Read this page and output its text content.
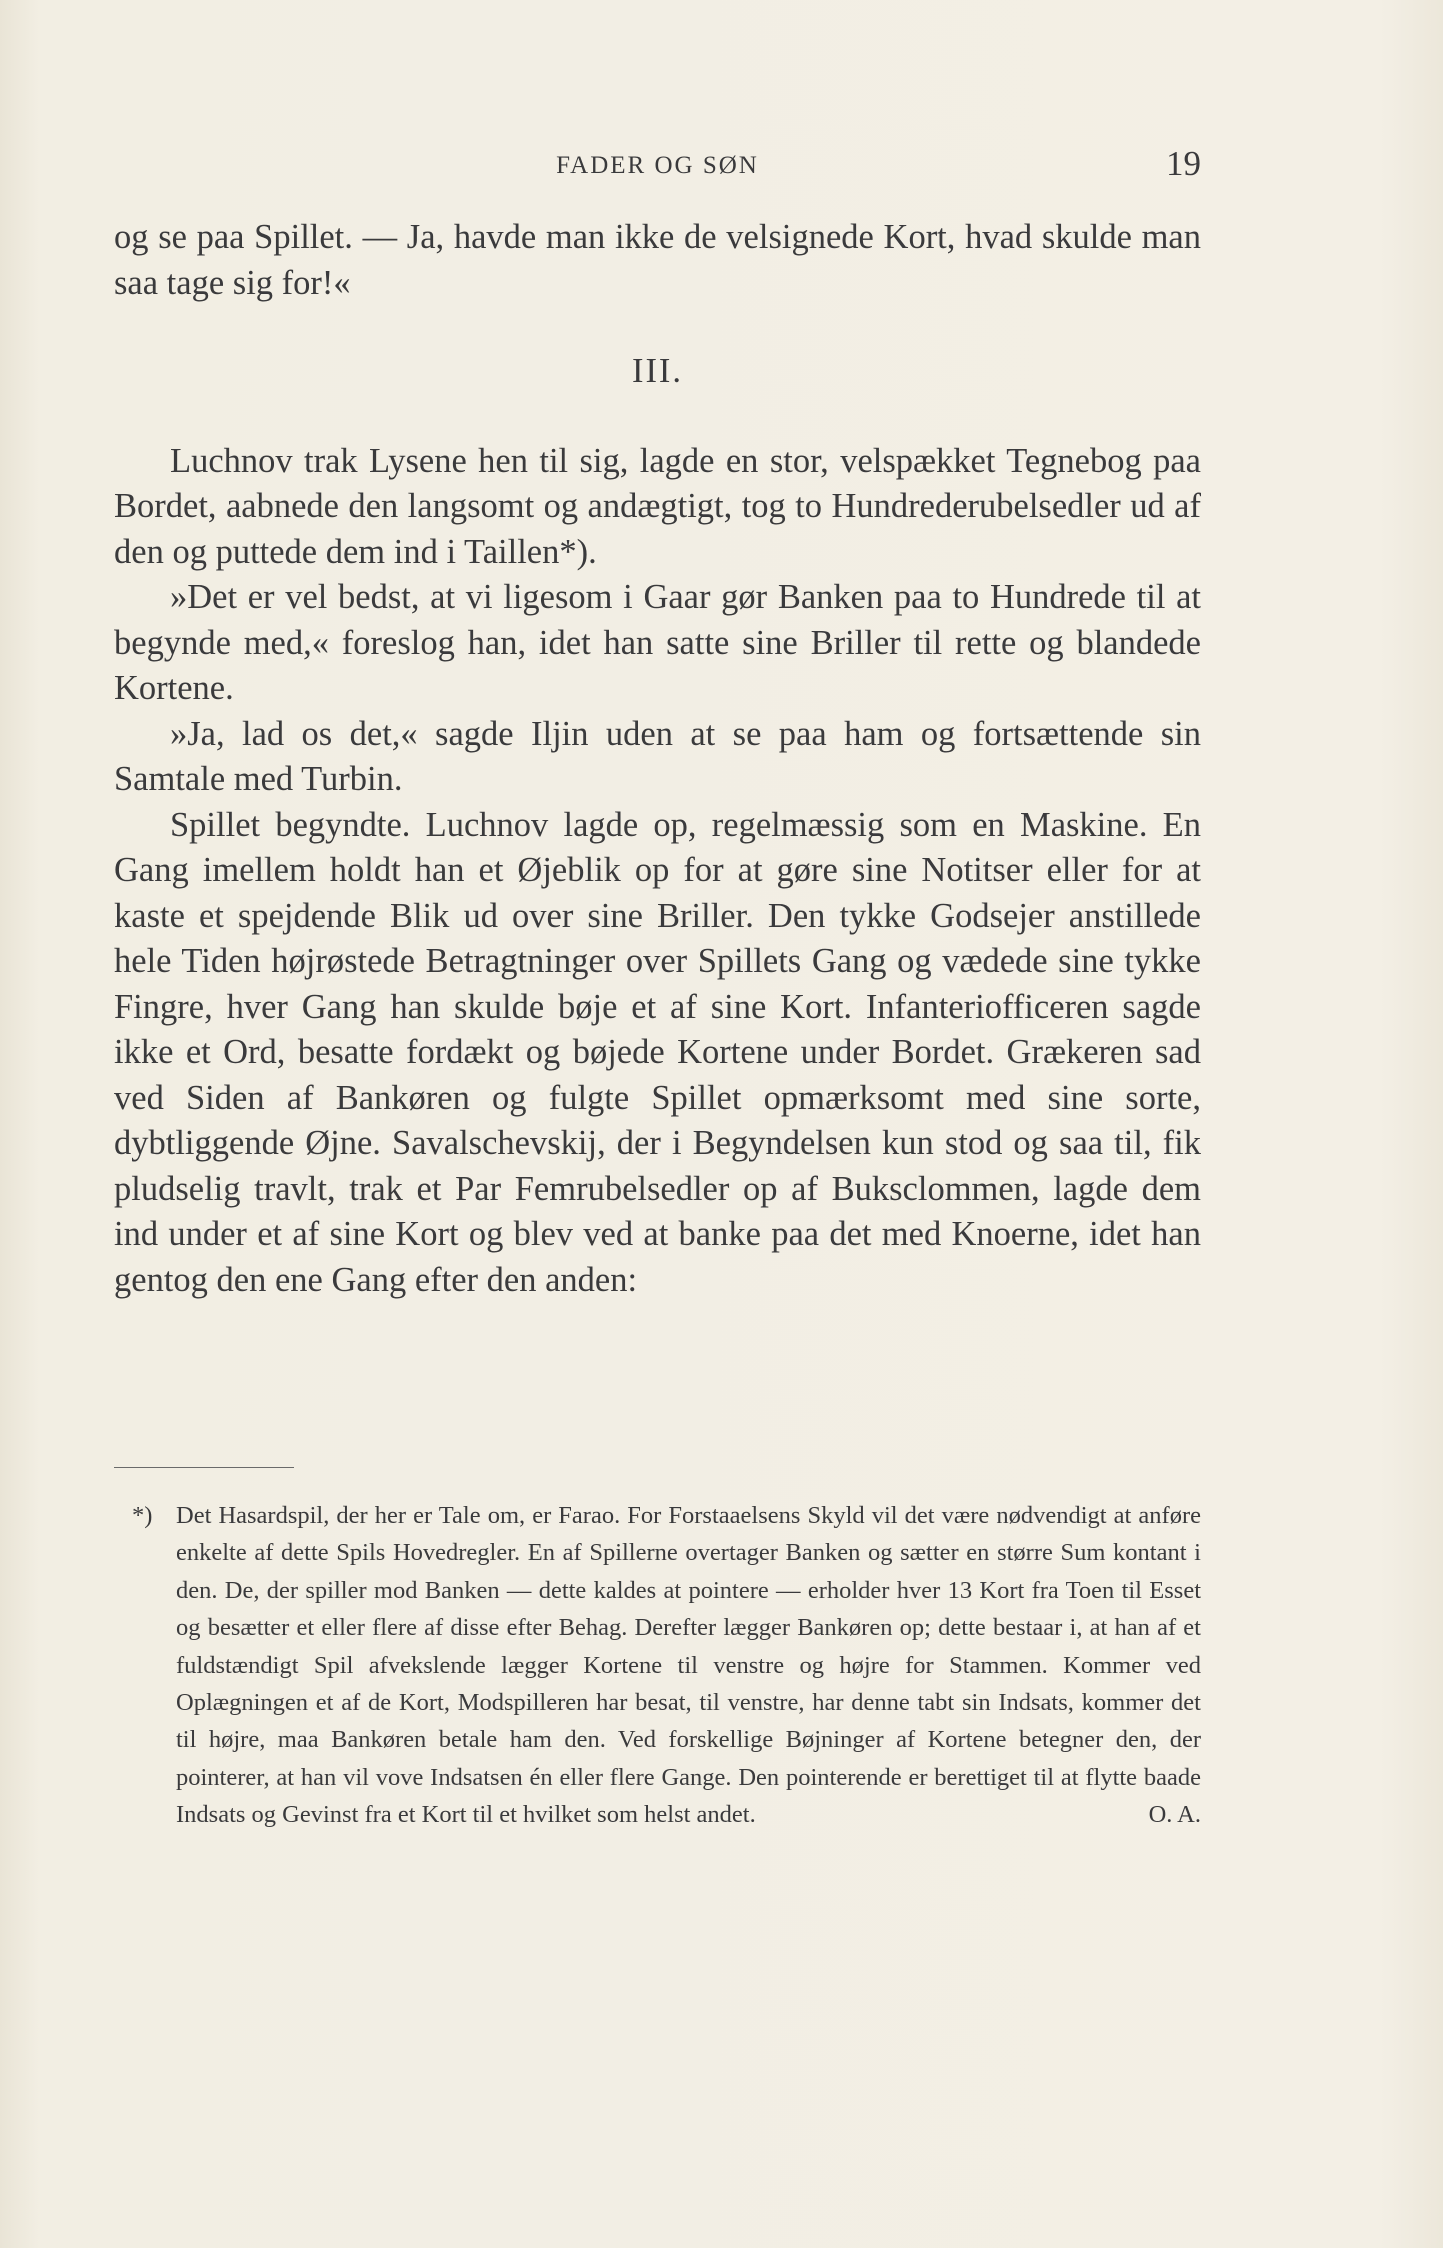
FADER OG SØN	19

og se paa Spillet. — Ja, havde man ikke de velsignede Kort, hvad skulde man saa tage sig for!«

III.

Luchnov trak Lysene hen til sig, lagde en stor, velspækket Tegnebog paa Bordet, aabnede den langsomt og andægtigt, tog to Hundrederubelsedler ud af den og puttede dem ind i Taillen*).

»Det er vel bedst, at vi ligesom i Gaar gør Banken paa to Hundrede til at begynde med,« foreslog han, idet han satte sine Briller til rette og blandede Kortene.

»Ja, lad os det,« sagde Iljin uden at se paa ham og fortsættende sin Samtale med Turbin.

Spillet begyndte. Luchnov lagde op, regelmæssig som en Maskine. En Gang imellem holdt han et Øjeblik op for at gøre sine Notitser eller for at kaste et spejdende Blik ud over sine Briller. Den tykke Godsejer anstillede hele Tiden højrøstede Betragtninger over Spillets Gang og vædede sine tykke Fingre, hver Gang han skulde bøje et af sine Kort. Infanteriofficeren sagde ikke et Ord, besatte fordækt og bøjede Kortene under Bordet. Grækeren sad ved Siden af Bankøren og fulgte Spillet opmærksomt med sine sorte, dybtliggende Øjne. Savalschevskij, der i Begyndelsen kun stod og saa til, fik pludselig travlt, trak et Par Femrubelsedler op af Buksclommen, lagde dem ind under et af sine Kort og blev ved at banke paa det med Knoerne, idet han gentog den ene Gang efter den anden:

*) Det Hasardspil, der her er Tale om, er Farao. For Forstaaelsens Skyld vil det være nødvendigt at anføre enkelte af dette Spils Hovedregler. En af Spillerne overtager Banken og sætter en større Sum kontant i den. De, der spiller mod Banken — dette kaldes at pointere — erholder hver 13 Kort fra Toen til Esset og besætter et eller flere af disse efter Behag. Derefter lægger Bankøren op; dette bestaar i, at han af et fuldstændigt Spil afvekslende lægger Kortene til venstre og højre for Stammen. Kommer ved Oplægningen et af de Kort, Modspilleren har besat, til venstre, har denne tabt sin Indsats, kommer det til højre, maa Bankøren betale ham den. Ved forskellige Bøjninger af Kortene betegner den, der pointerer, at han vil vove Indsatsen én eller flere Gange. Den pointerende er berettiget til at flytte baade Indsats og Gevinst fra et Kort til et hvilket som helst andet.	O. A.
